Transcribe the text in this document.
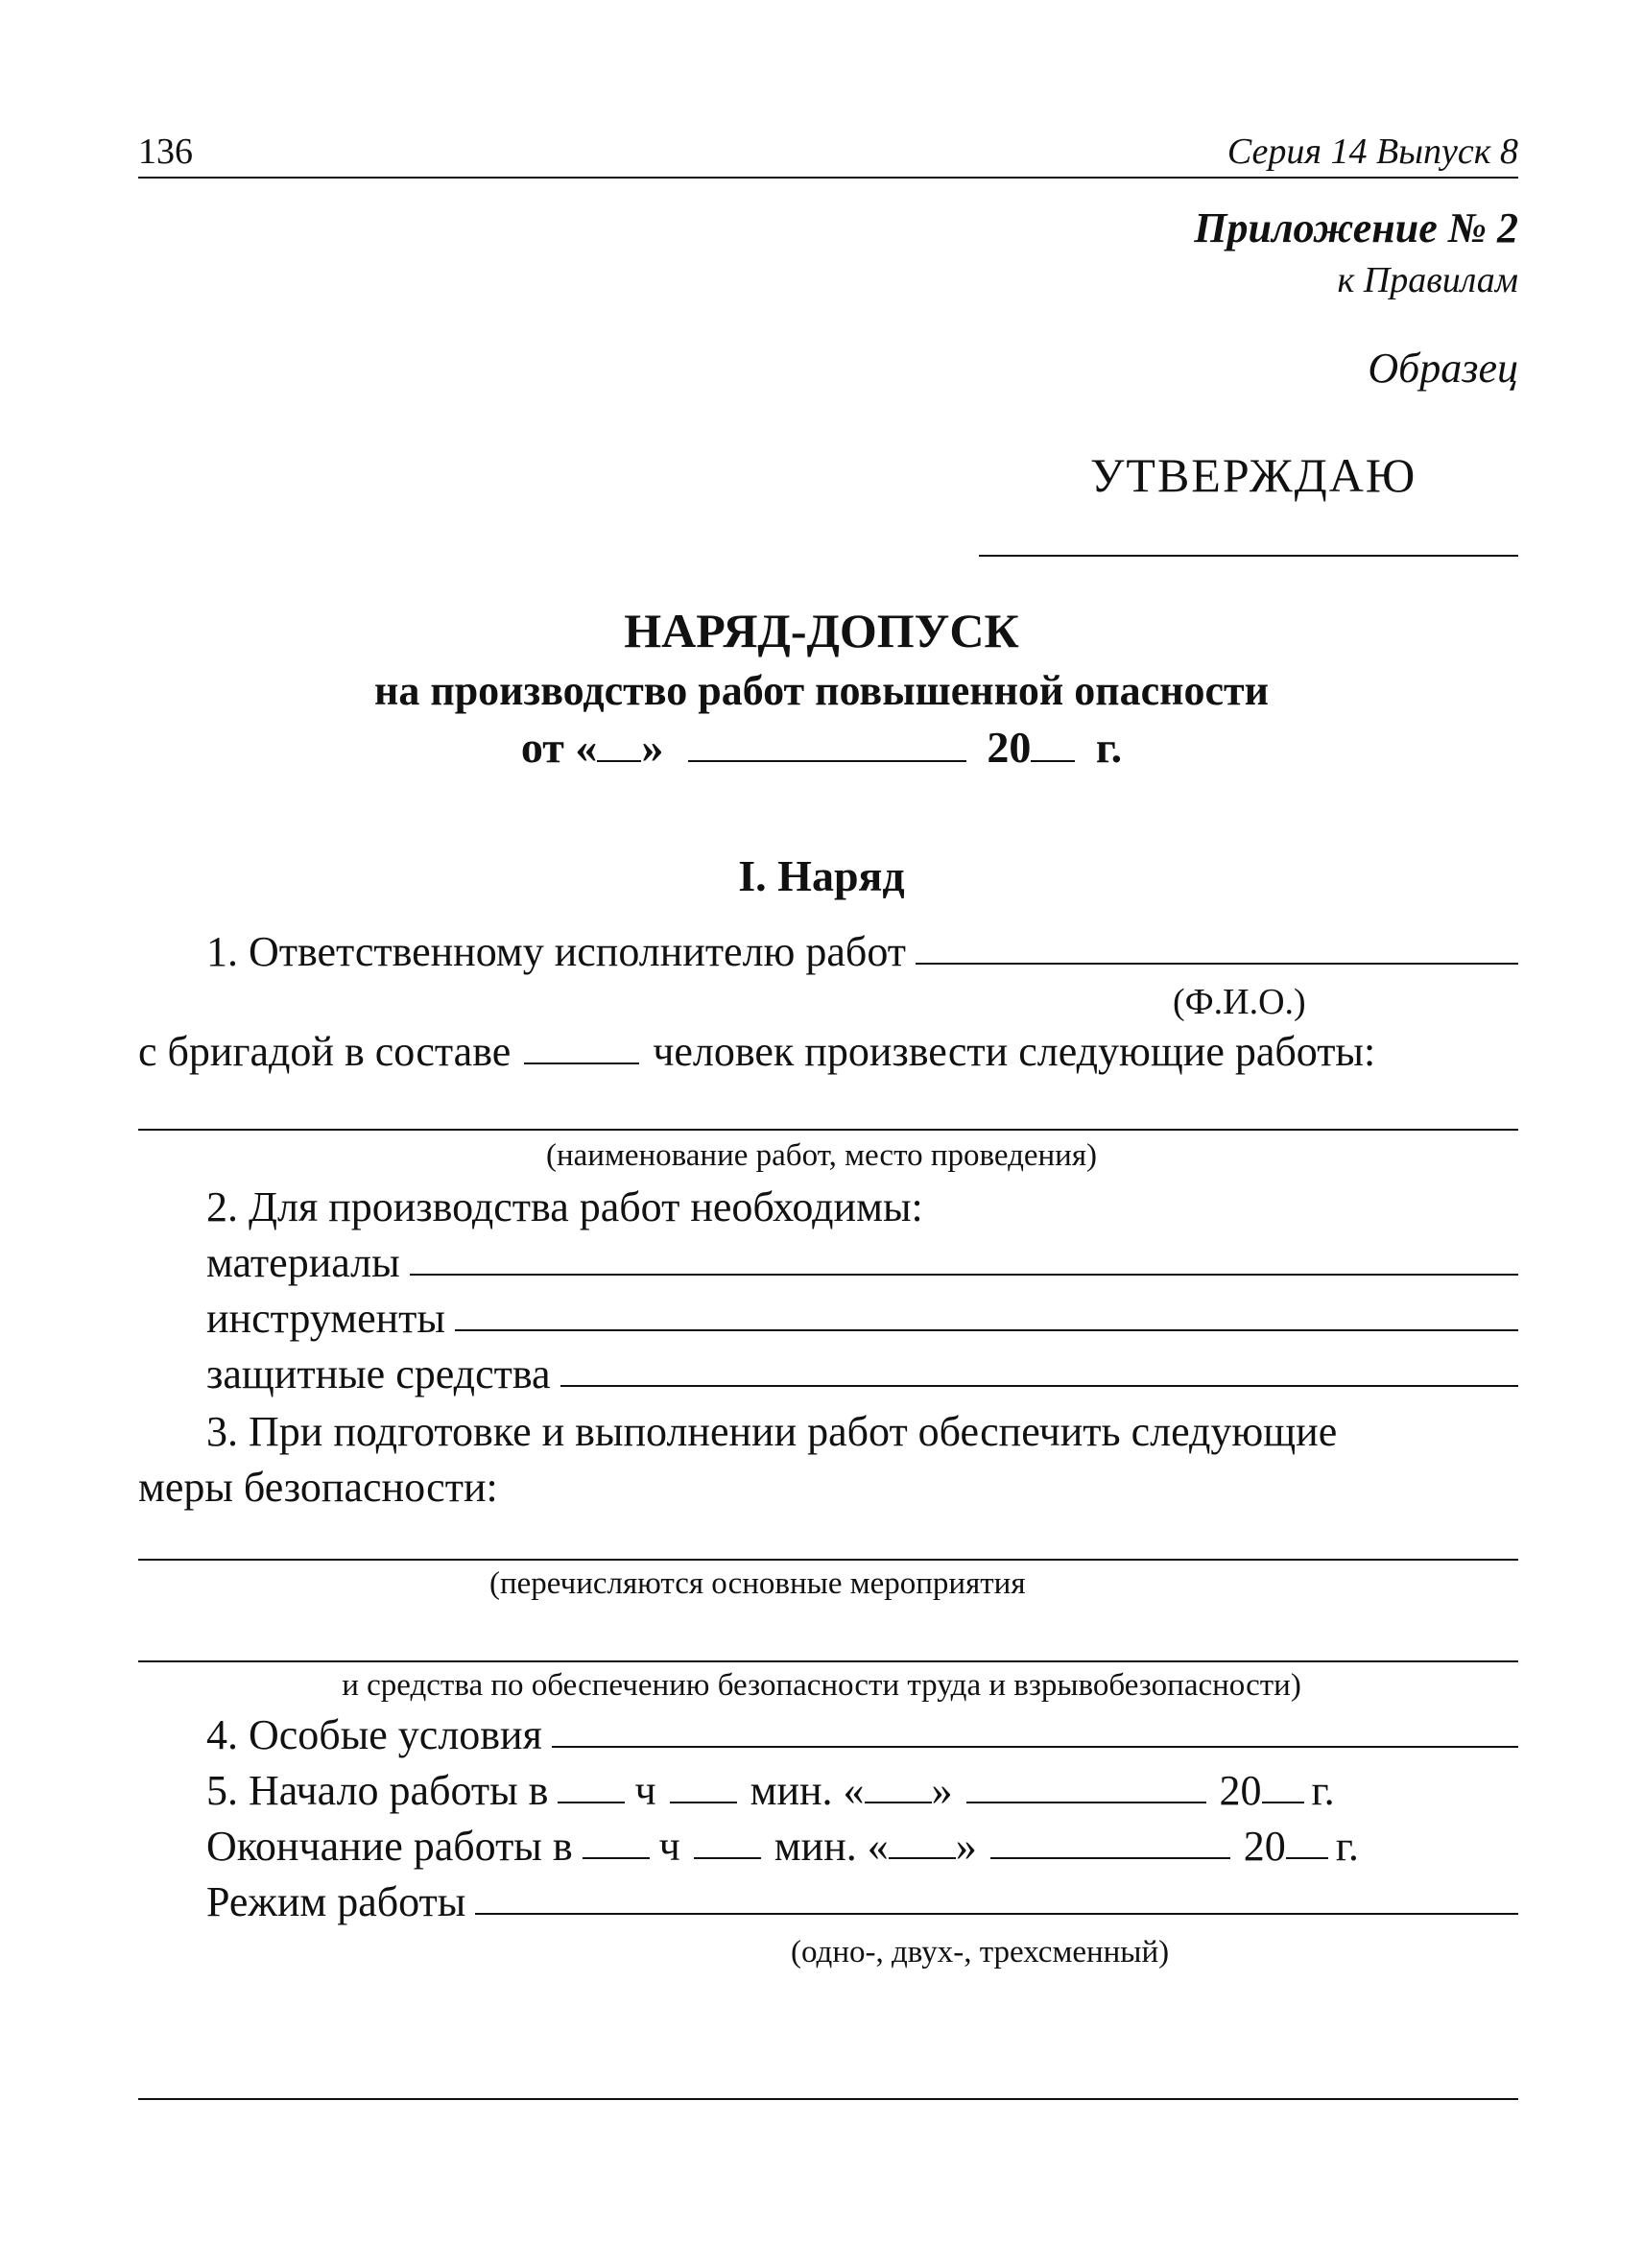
136	Серия 14 Выпуск 8
Приложение № 2
к Правилам
Образец
УТВЕРЖДАЮ
НАРЯД-ДОПУСК
на производство работ повышенной опасности
от « »	20 г.
I. Наряд
1. Ответственному исполнителю работ
(Ф.И.О.)
с бригадой в составе	человек произвести следующие работы:
(наименование работ, место проведения)
2. Для производства работ необходимы:
материалы
инструменты
защитные средства
3. При подготовке и выполнении работ обеспечить следующие
меры безопасности:
(перечисляются основные мероприятия
и средства по обеспечению безопасности труда и взрывобезопасности)
4. Особые условия
5. Начало работы в ч мин. « »	20 г.
Окончание работы в ч мин. « »	20 г.
Режим работы
(одно-, двух-, трехсменный)
